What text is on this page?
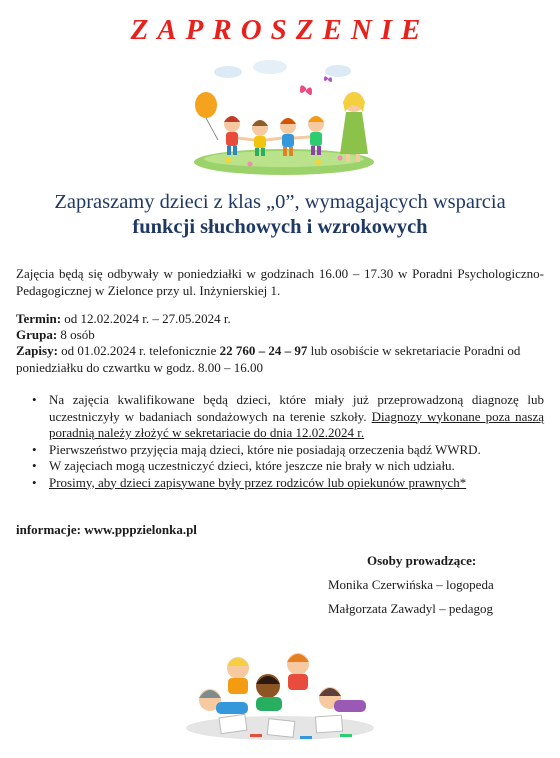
ZAPROSZENIE
Zapraszamy dzieci z klas „0”, wymagających wsparcia
funkcji słuchowych i wzrokowych
Zajęcia będą się odbywały w poniedziałki w godzinach 16.00 – 17.30 w Poradni Psychologiczno-Pedagogicznej w Zielonce przy ul. Inżynierskiej 1.
Termin: od 12.02.2024 r. – 27.05.2024 r.
Grupa: 8 osób
Zapisy: od 01.02.2024 r. telefonicznie 22 760 – 24 – 97 lub osobiście w sekretariacie Poradni od poniedziałku do czwartku w godz. 8.00 – 16.00
• Na zajęcia kwalifikowane będą dzieci, które miały już przeprowadzoną diagnozę lub uczestniczyły w badaniach sondażowych na terenie szkoły. Diagnozy wykonane poza naszą poradnią należy złożyć w sekretariacie do dnia 12.02.2024 r.
• Pierwszeństwo przyjęcia mają dzieci, które nie posiadają orzeczenia bądź WWRD.
• W zajęciach mogą uczestniczyć dzieci, które jeszcze nie brały w nich udziału.
• Prosimy, aby dzieci zapisywane były przez rodziców lub opiekunów prawnych*
informacje: www.pppzielonka.pl
Osoby prowadzące:
Monika Czerwińska – logopeda
Małgorzata Zawadyl – pedagog
